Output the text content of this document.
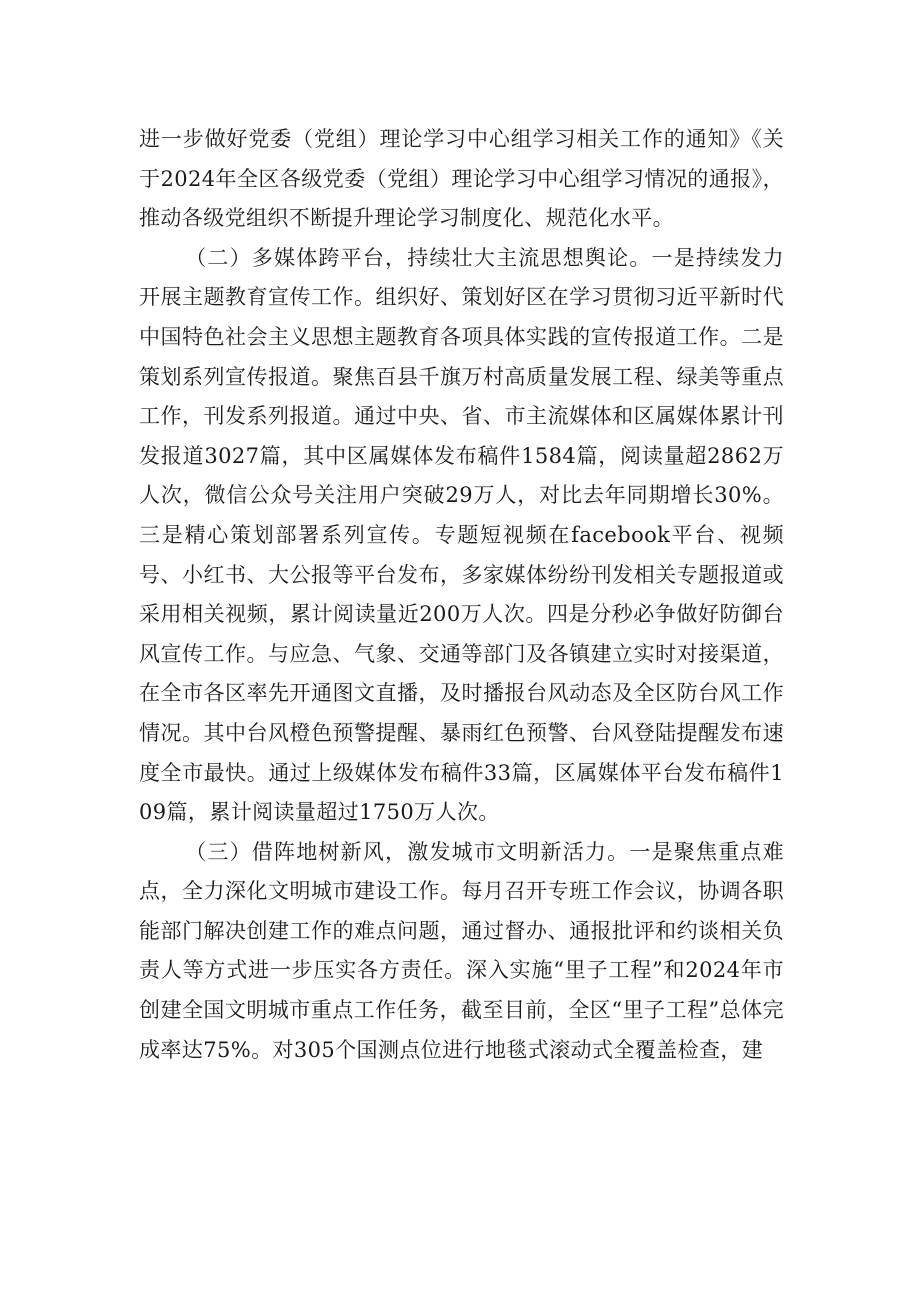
进一步做好党委（党组）理论学习中心组学习相关工作的通知》《关于2024年全区各级党委（党组）理论学习中心组学习情况的通报》，推动各级党组织不断提升理论学习制度化、规范化水平。

（二）多媒体跨平台，持续壮大主流思想舆论。一是持续发力开展主题教育宣传工作。组织好、策划好区在学习贯彻习近平新时代中国特色社会主义思想主题教育各项具体实践的宣传报道工作。二是策划系列宣传报道。聚焦百县千旗万村高质量发展工程、绿美等重点工作，刊发系列报道。通过中央、省、市主流媒体和区属媒体累计刊发报道3027篇，其中区属媒体发布稿件1584篇，阅读量超2862万人次，微信公众号关注用户突破29万人，对比去年同期增长30%。三是精心策划部署系列宣传。专题短视频在facebook平台、视频号、小红书、大公报等平台发布，多家媒体纷纷刊发相关专题报道或采用相关视频，累计阅读量近200万人次。四是分秒必争做好防御台风宣传工作。与应急、气象、交通等部门及各镇建立实时对接渠道，在全市各区率先开通图文直播，及时播报台风动态及全区防台风工作情况。其中台风橙色预警提醒、暴雨红色预警、台风登陆提醒发布速度全市最快。通过上级媒体发布稿件33篇，区属媒体平台发布稿件109篇，累计阅读量超过1750万人次。

（三）借阵地树新风，激发城市文明新活力。一是聚焦重点难点，全力深化文明城市建设工作。每月召开专班工作会议，协调各职能部门解决创建工作的难点问题，通过督办、通报批评和约谈相关负责人等方式进一步压实各方责任。深入实施“里子工程”和2024年市创建全国文明城市重点工作任务，截至目前，全区“里子工程”总体完成率达75%。对305个国测点位进行地毯式滚动式全覆盖检查，建
